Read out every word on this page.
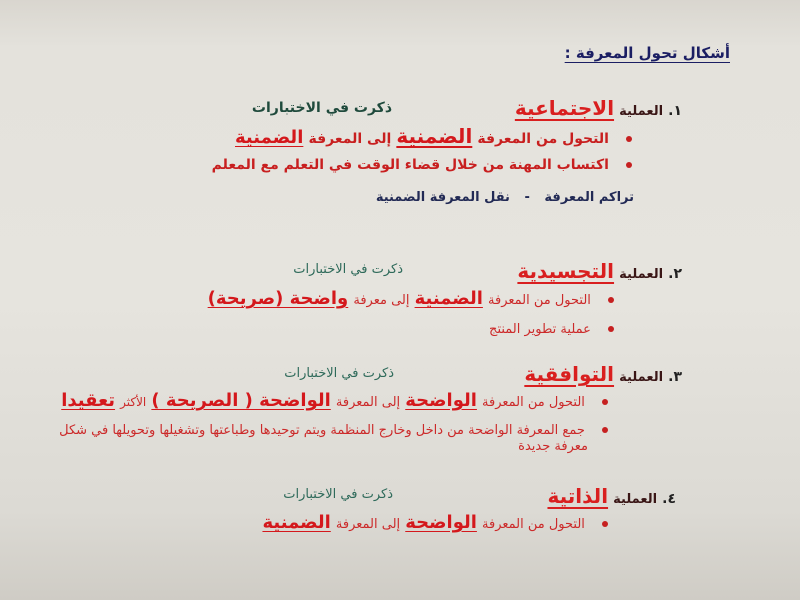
أشكال تحول المعرفة :
١. العملية الاجتماعية
ذكرت في الاختبارات
التحول من المعرفة الضمنية إلى المعرفة الضمنية
اكتساب المهنة من خلال قضاء الوقت في التعلم مع المعلم
تراكم المعرفة - نقل المعرفة الضمنية
٢. العملية التجسيدية
ذكرت في الاختبارات
التحول من المعرفة الضمنية إلى معرفة واضحة (صريحة)
عملية تطوير المنتج
٣. العملية التوافقية
ذكرت في الاختبارات
التحول من المعرفة الواضحة إلى المعرفة الواضحة ( الصريحة ) الأكثر تعقيدا
جمع المعرفة الواضحة من داخل وخارج المنظمة ويتم توحيدها وطباعتها وتشغيلها وتحويلها في شكل
معرفة جديدة
٤. العملية الذاتية
ذكرت في الاختبارات
التحول من المعرفة الواضحة إلى المعرفة الضمنية
